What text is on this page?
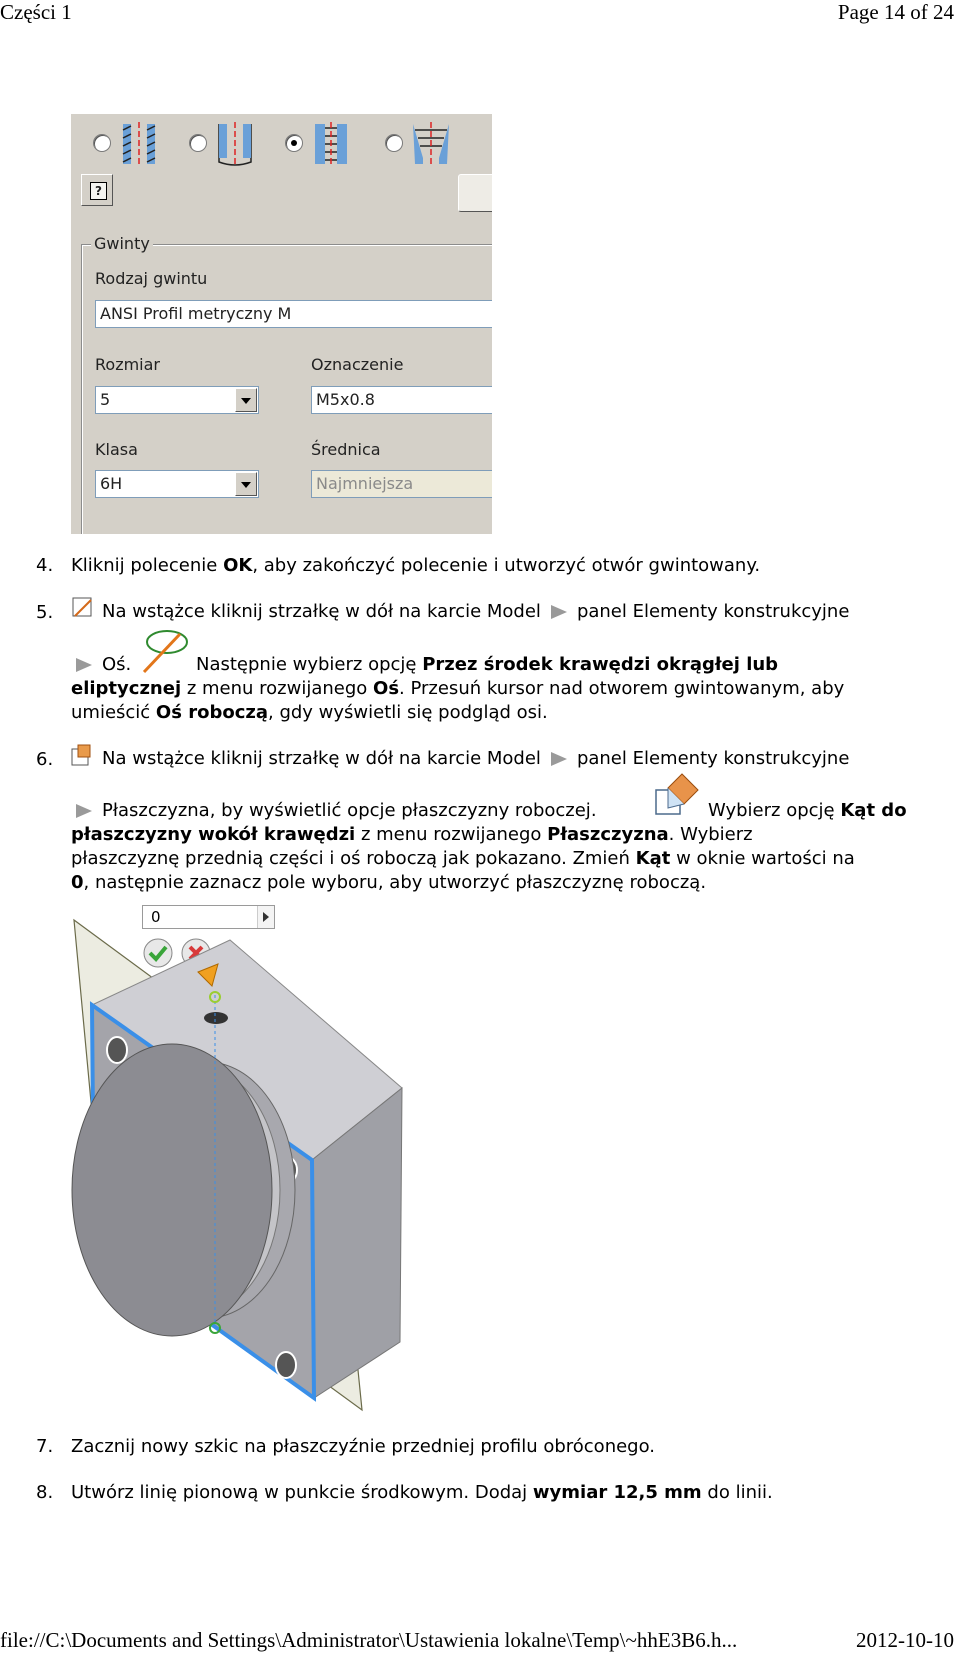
Części 1	Page 14 of 24
?
Gwinty
Rodzaj gwintu
ANSI Profil metryczny M
Rozmiar
5
Oznaczenie
M5x0.8
Klasa
6H
Średnica
Najmniejsza
4. Kliknij polecenie OK, aby zakończyć polecenie i utworzyć otwór gwintowany.
5.	Na wstążce kliknij strzałkę w dół na karcie Model panel Elementy konstrukcyjne
Oś.	Następnie wybierz opcję Przez środek krawędzi okrągłej lub
eliptycznej z menu rozwijanego Oś. Przesuń kursor nad otworem gwintowanym, aby
umieścić Oś roboczą, gdy wyświetli się podgląd osi.
6.	Na wstążce kliknij strzałkę w dół na karcie Model panel Elementy konstrukcyjne
Płaszczyzna, by wyświetlić opcje płaszczyzny roboczej.	Wybierz opcję Kąt do
płaszczyzny wokół krawędzi z menu rozwijanego Płaszczyzna. Wybierz
płaszczyznę przednią części i oś roboczą jak pokazano. Zmień Kąt w oknie wartości na
0, następnie zaznacz pole wyboru, aby utworzyć płaszczyznę roboczą.
0
7. Zacznij nowy szkic na płaszczyźnie przedniej profilu obróconego.
8. Utwórz linię pionową w punkcie środkowym. Dodaj wymiar 12,5 mm do linii.
file://C:\Documents and Settings\Administrator\Ustawienia lokalne\Temp\~hhE3B6.h...	2012-10-10
